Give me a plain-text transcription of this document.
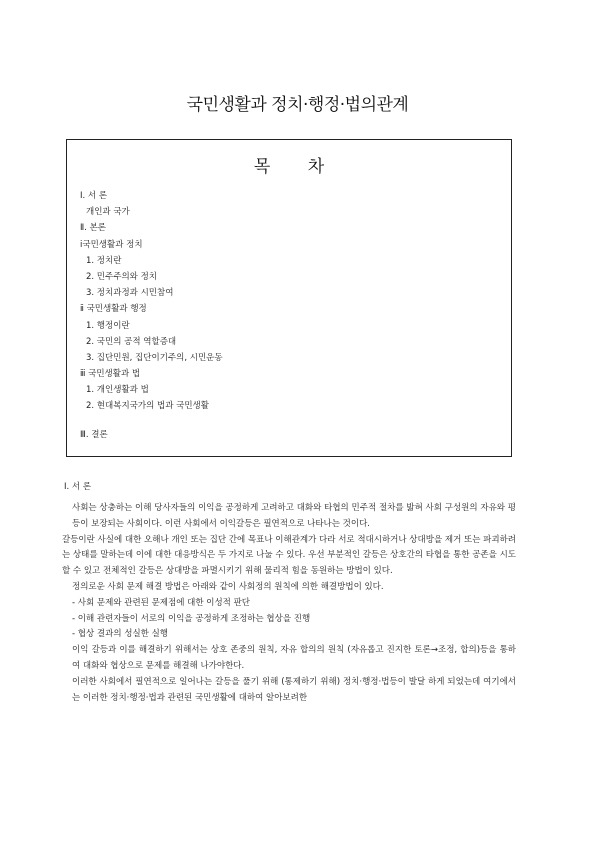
국민생활과 정치·행정·법의관계
목 차
Ⅰ. 서 론
개인과 국가
Ⅱ. 본론
ⅰ국민생활과 정치
1. 정치란
2. 민주주의와 정치
3. 정치과정과 시민참여
ⅱ 국민생활과 행정
1. 행정이란
2. 국민의 공적 역할증대
3. 집단민원, 집단이기주의, 시민운동
ⅲ 국민생활과 법
1. 개인생활과 법
2. 현대복지국가의 법과 국민생활
Ⅲ. 결론
Ⅰ. 서 론

사회는 상충하는 이해 당사자들의 이익을 공정하게 고려하고 대화와 타협의 민주적 절차를 밟혀 사회 구성원의 자유와 평등이 보장되는 사회이다. 이런 사회에서 이익갈등은 필연적으로 나타나는 것이다.

갈등이란 사실에 대한 오해나 개인 또는 집단 간에 목표나 이해관계가 다라 서로 적대시하거나 상대방을 제거 또는 파괴하려는 상태를 말하는데 이에 대한 대응방식은 두 가지로 나눌 수 있다. 우선 부분적인 갈등은 상호간의 타협을 통한 공존을 시도할 수 있고 전체적인 갈등은 상대방을 파멸시키기 위해 물리적 힘을 동원하는 방법이 있다.

정의로운 사회 문제 해결 방법은 아래와 같이 사회정의 원칙에 의한 해결방법이 있다.

- 사회 문제와 관련된 문제점에 대한 이성적 판단

- 이해 관련자들이 서로의 이익을 공정하게 조정하는 협상을 진행

- 협상 결과의 성실한 실행

이익 갈등과 이를 해결하기 위해서는 상호 존중의 원칙, 자유 합의의 원칙 (자유롭고 진지한 토론→조정, 합의)등을 통하여 대화와 협상으로 문제를 해결해 나가야한다.

이러한 사회에서 필연적으로 일어나는 갈등을 풀기 위해 (통제하기 위해) 정치·행정·법등이 발달 하게 되었는데 여기에서는 이러한 정치·행정·법과 관련된 국민생활에 대하여 알아보려한
